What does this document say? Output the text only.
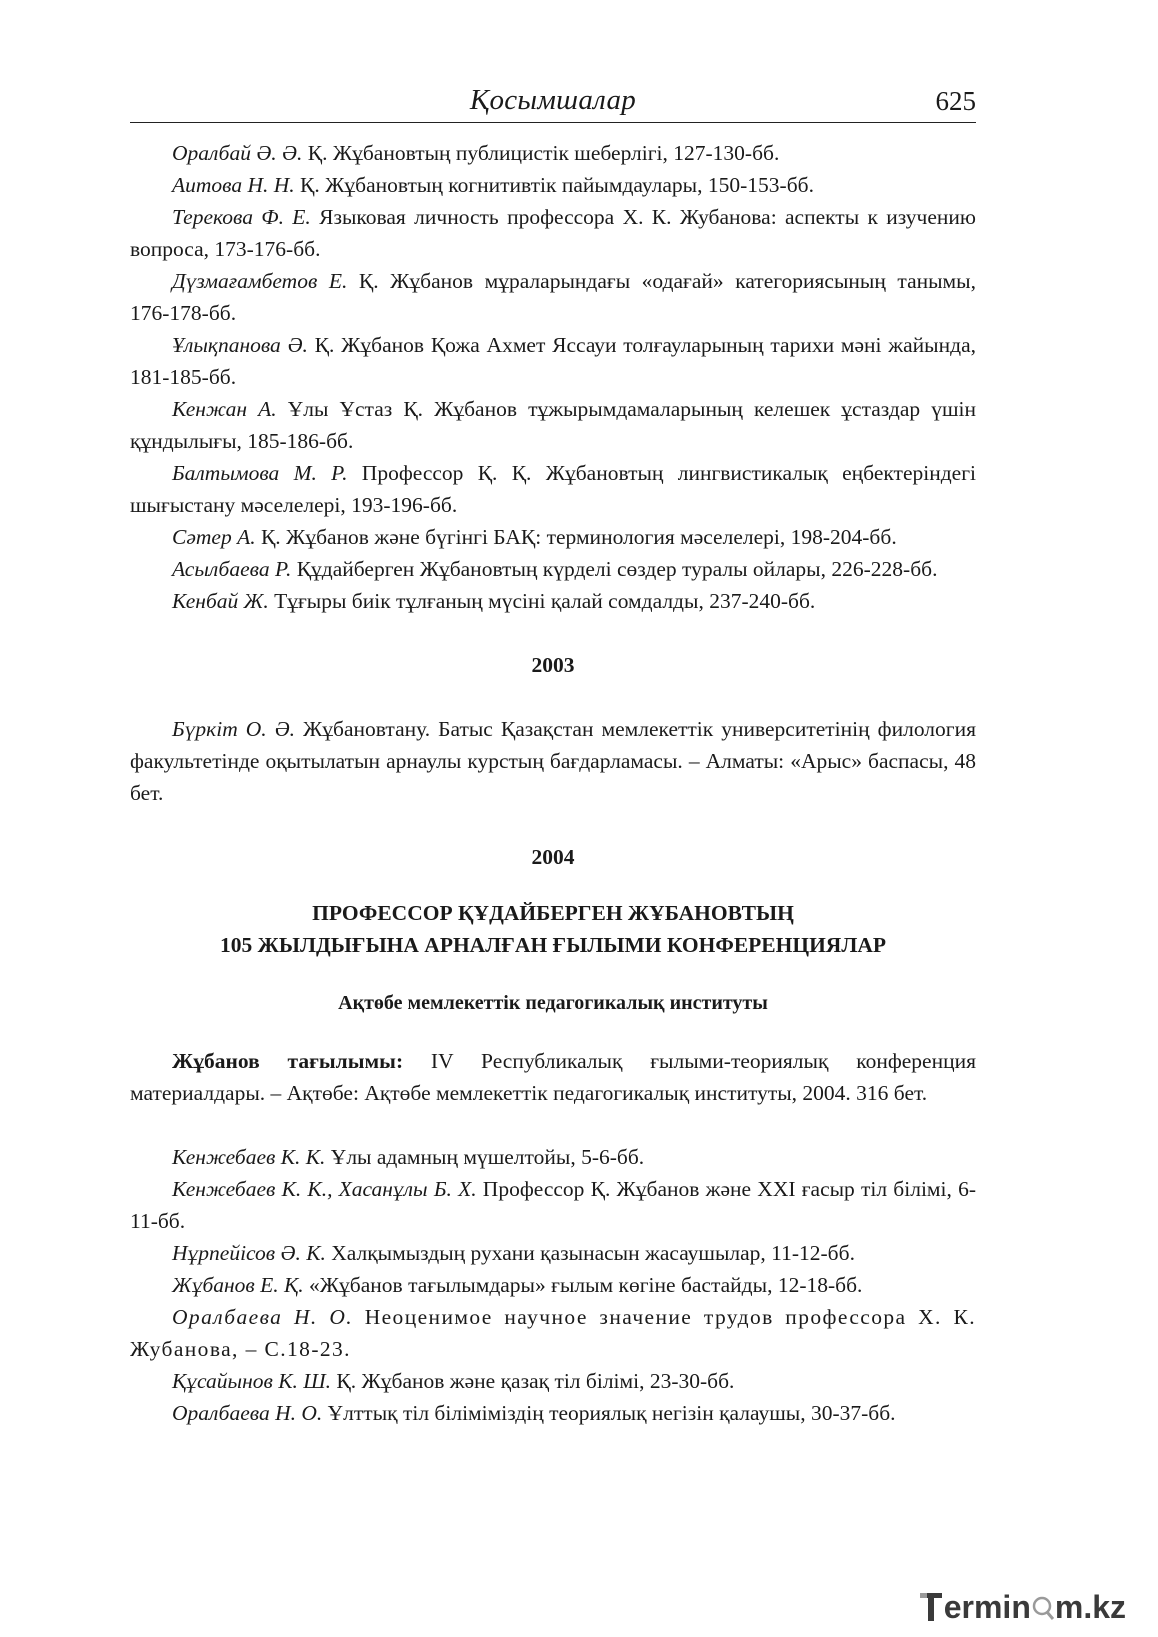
Қосымшалар	625

Оралбай Ә. Ә. Қ. Жұбановтың публицистік шеберлігі, 127-130-бб.

Аитова Н. Н. Қ. Жұбановтың когнитивтік пайымдаулары, 150-153-бб.

Терекова Ф. Е. Языковая личность профессора Х. К. Жубанова: аспекты к изучению вопроса, 173-176-бб.

Дүзмағамбетов Е. Қ. Жұбанов мұраларындағы «одағай» категориясының танымы, 176-178-бб.

Ұлықпанова Ә. Қ. Жұбанов Қожа Ахмет Яссауи толғауларының тарихи мәні жайында, 181-185-бб.

Кенжан А. Ұлы Ұстаз Қ. Жұбанов тұжырымдамаларының келешек ұстаздар үшін құндылығы, 185-186-бб.

Балтымова М. Р. Профессор Қ. Қ. Жұбановтың лингвистикалық еңбектеріндегі шығыстану мәселелері, 193-196-бб.

Сәтер А. Қ. Жұбанов және бүгінгі БАҚ: терминология мәселелері, 198-204-бб.

Асылбаева Р. Құдайберген Жұбановтың күрделі сөздер туралы ойлары, 226-228-бб.

Кенбай Ж. Тұғыры биік тұлғаның мүсіні қалай сомдалды, 237-240-бб.

2003

Бүркіт О. Ә. Жұбановтану. Батыс Қазақстан мемлекеттік университетінің филология факультетінде оқытылатын арнаулы курстың бағдарламасы. – Алматы: «Арыс» баспасы, 48 бет.

2004

ПРОФЕССОР ҚҰДАЙБЕРГЕН ЖҰБАНОВТЫҢ
105 ЖЫЛДЫҒЫНА АРНАЛҒАН ҒЫЛЫМИ КОНФЕРЕНЦИЯЛАР

Ақтөбе мемлекеттік педагогикалық институты

Жұбанов тағылымы: IV Республикалық ғылыми-теориялық конференция материалдары. – Ақтөбе: Ақтөбе мемлекеттік педагогикалық институты, 2004. 316 бет.

Кенжебаев К. К. Ұлы адамның мүшелтойы, 5-6-бб.

Кенжебаев К. К., Хасанұлы Б. Х. Профессор Қ. Жұбанов және ХХІ ғасыр тіл білімі, 6-11-бб.

Нұрпейісов Ә. К. Халқымыздың рухани қазынасын жасаушылар, 11-12-бб.

Жұбанов Е. Қ. «Жұбанов тағылымдары» ғылым көгіне бастайды, 12-18-бб.

Оралбаева Н. О. Неоценимое научное значение трудов профессора Х. К. Жубанова, – С.18-23.

Құсайынов К. Ш. Қ. Жұбанов және қазақ тіл білімі, 23-30-бб.

Оралбаева Н. О. Ұлттық тіл біліміміздің теориялық негізін қалаушы, 30-37-бб.

ermin m.kz
